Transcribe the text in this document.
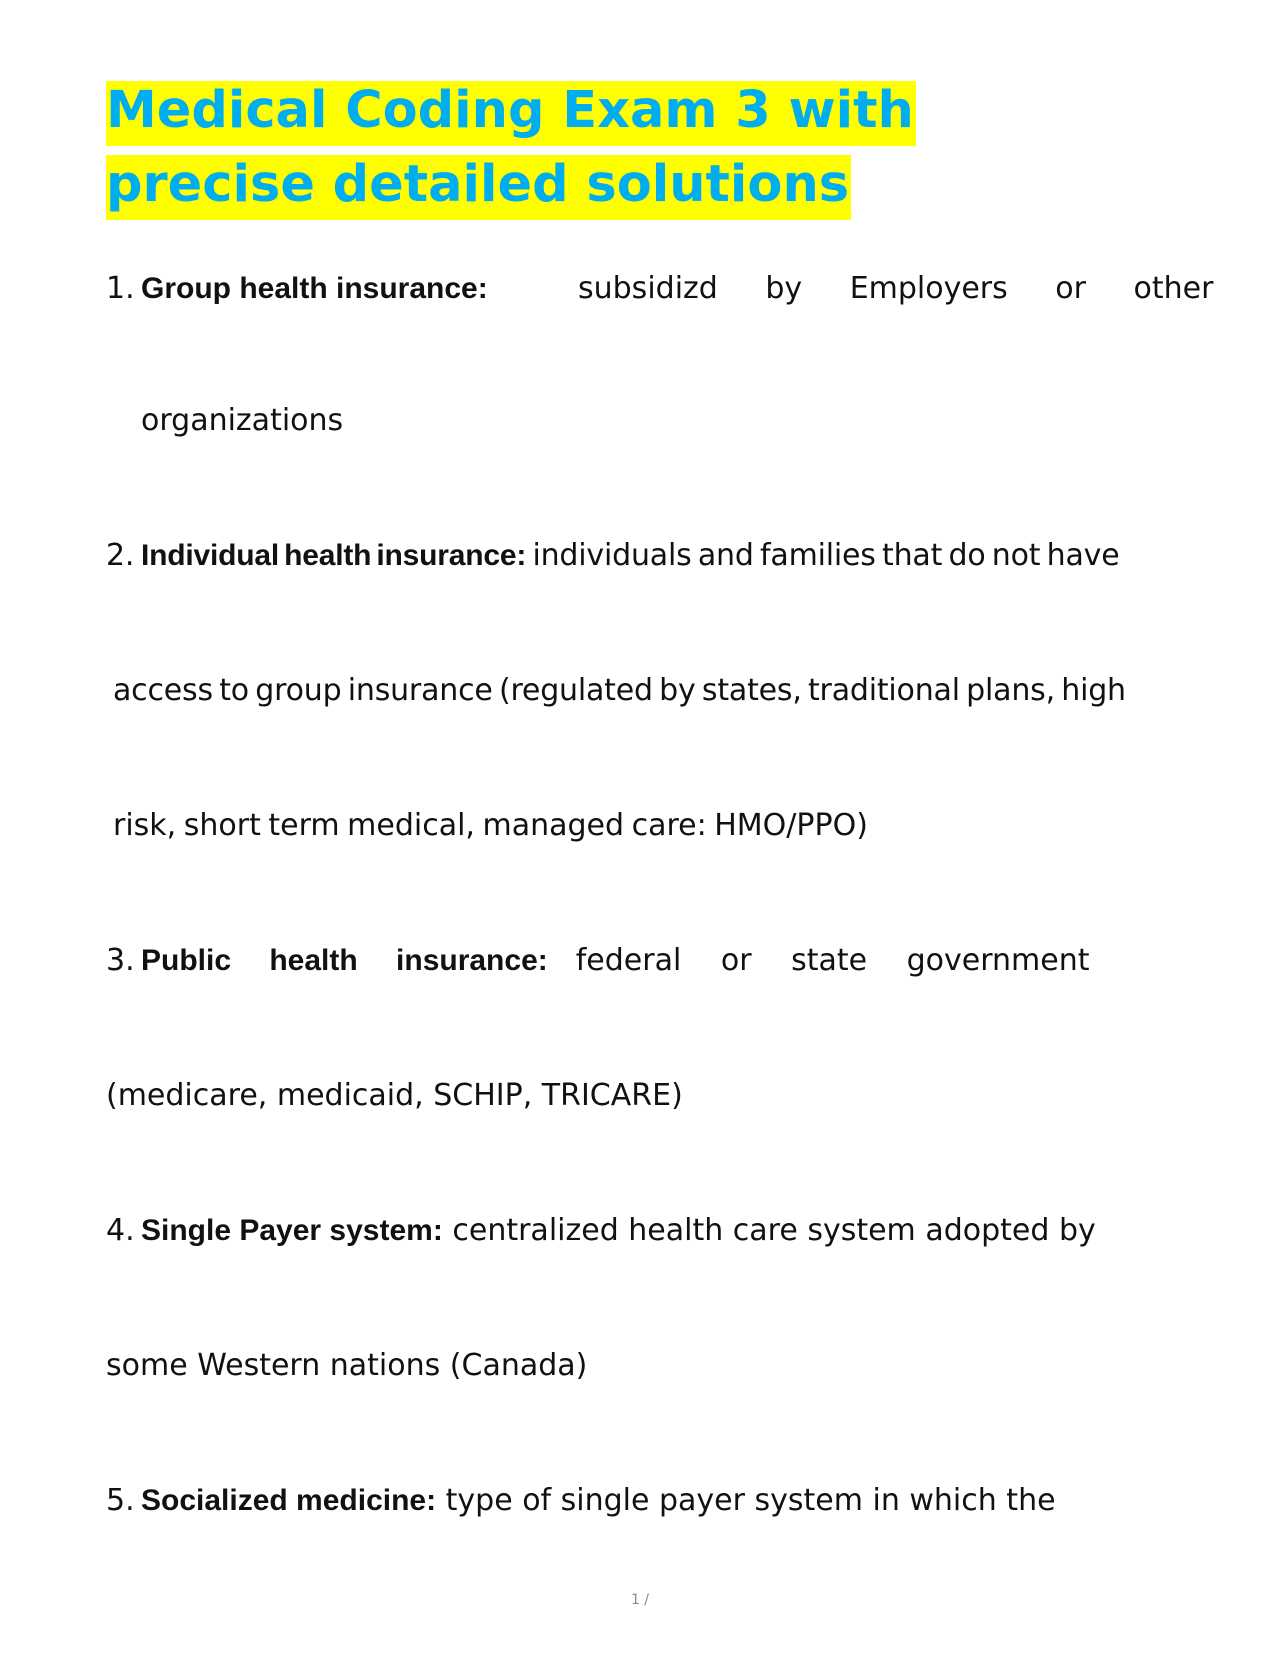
Medical Coding Exam 3 with precise detailed solutions
1. Group health insurance:	subsidizd by Employers or other
organizations
2. Individual health insurance: individuals and families that do not have
access to group insurance (regulated by states, traditional plans, high
risk, short term medical, managed care: HMO/PPO)
3. Public health insurance: federal or state government
(medicare, medicaid, SCHIP, TRICARE)
4. Single Payer system: centralized health care system adopted by
some Western nations (Canada)
5. Socialized medicine: type of single payer system in which the
1 /
